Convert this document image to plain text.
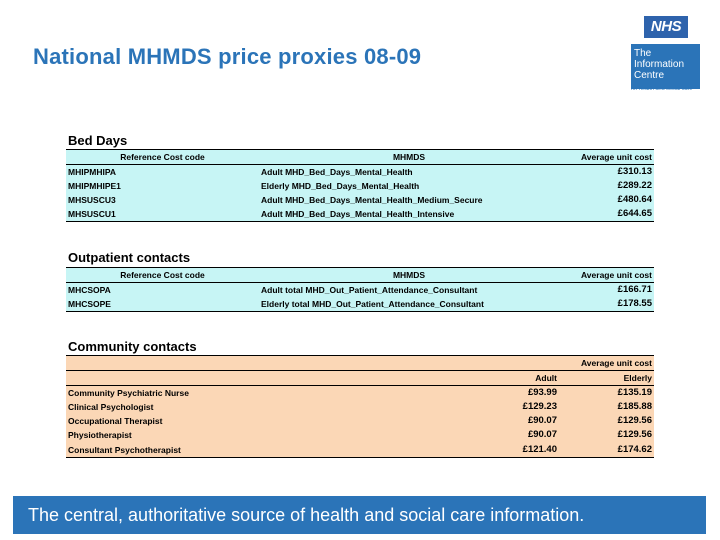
National MHMDS price proxies 08-09
NHS
The
Information
Centre
for health and social care
Bed Days
Reference Cost code	MHMDS	Average unit cost
MHIPMHIPA	Adult MHD_Bed_Days_Mental_Health	£310.13
MHIPMHIPE1	Elderly MHD_Bed_Days_Mental_Health	£289.22
MHSUSCU3	Adult MHD_Bed_Days_Mental_Health_Medium_Secure	£480.64
MHSUSCU1	Adult MHD_Bed_Days_Mental_Health_Intensive	£644.65
Outpatient contacts
Reference Cost code	MHMDS	Average unit cost
MHCSOPA	Adult total MHD_Out_Patient_Attendance_Consultant	£166.71
MHCSOPE	Elderly total MHD_Out_Patient_Attendance_Consultant	£178.55
Community contacts
	Average unit cost	
	Adult	Elderly
Community Psychiatric Nurse	£93.99	£135.19
Clinical Psychologist	£129.23	£185.88
Occupational Therapist	£90.07	£129.56
Physiotherapist	£90.07	£129.56
Consultant Psychotherapist	£121.40	£174.62
The central, authoritative source of health and social care information.
